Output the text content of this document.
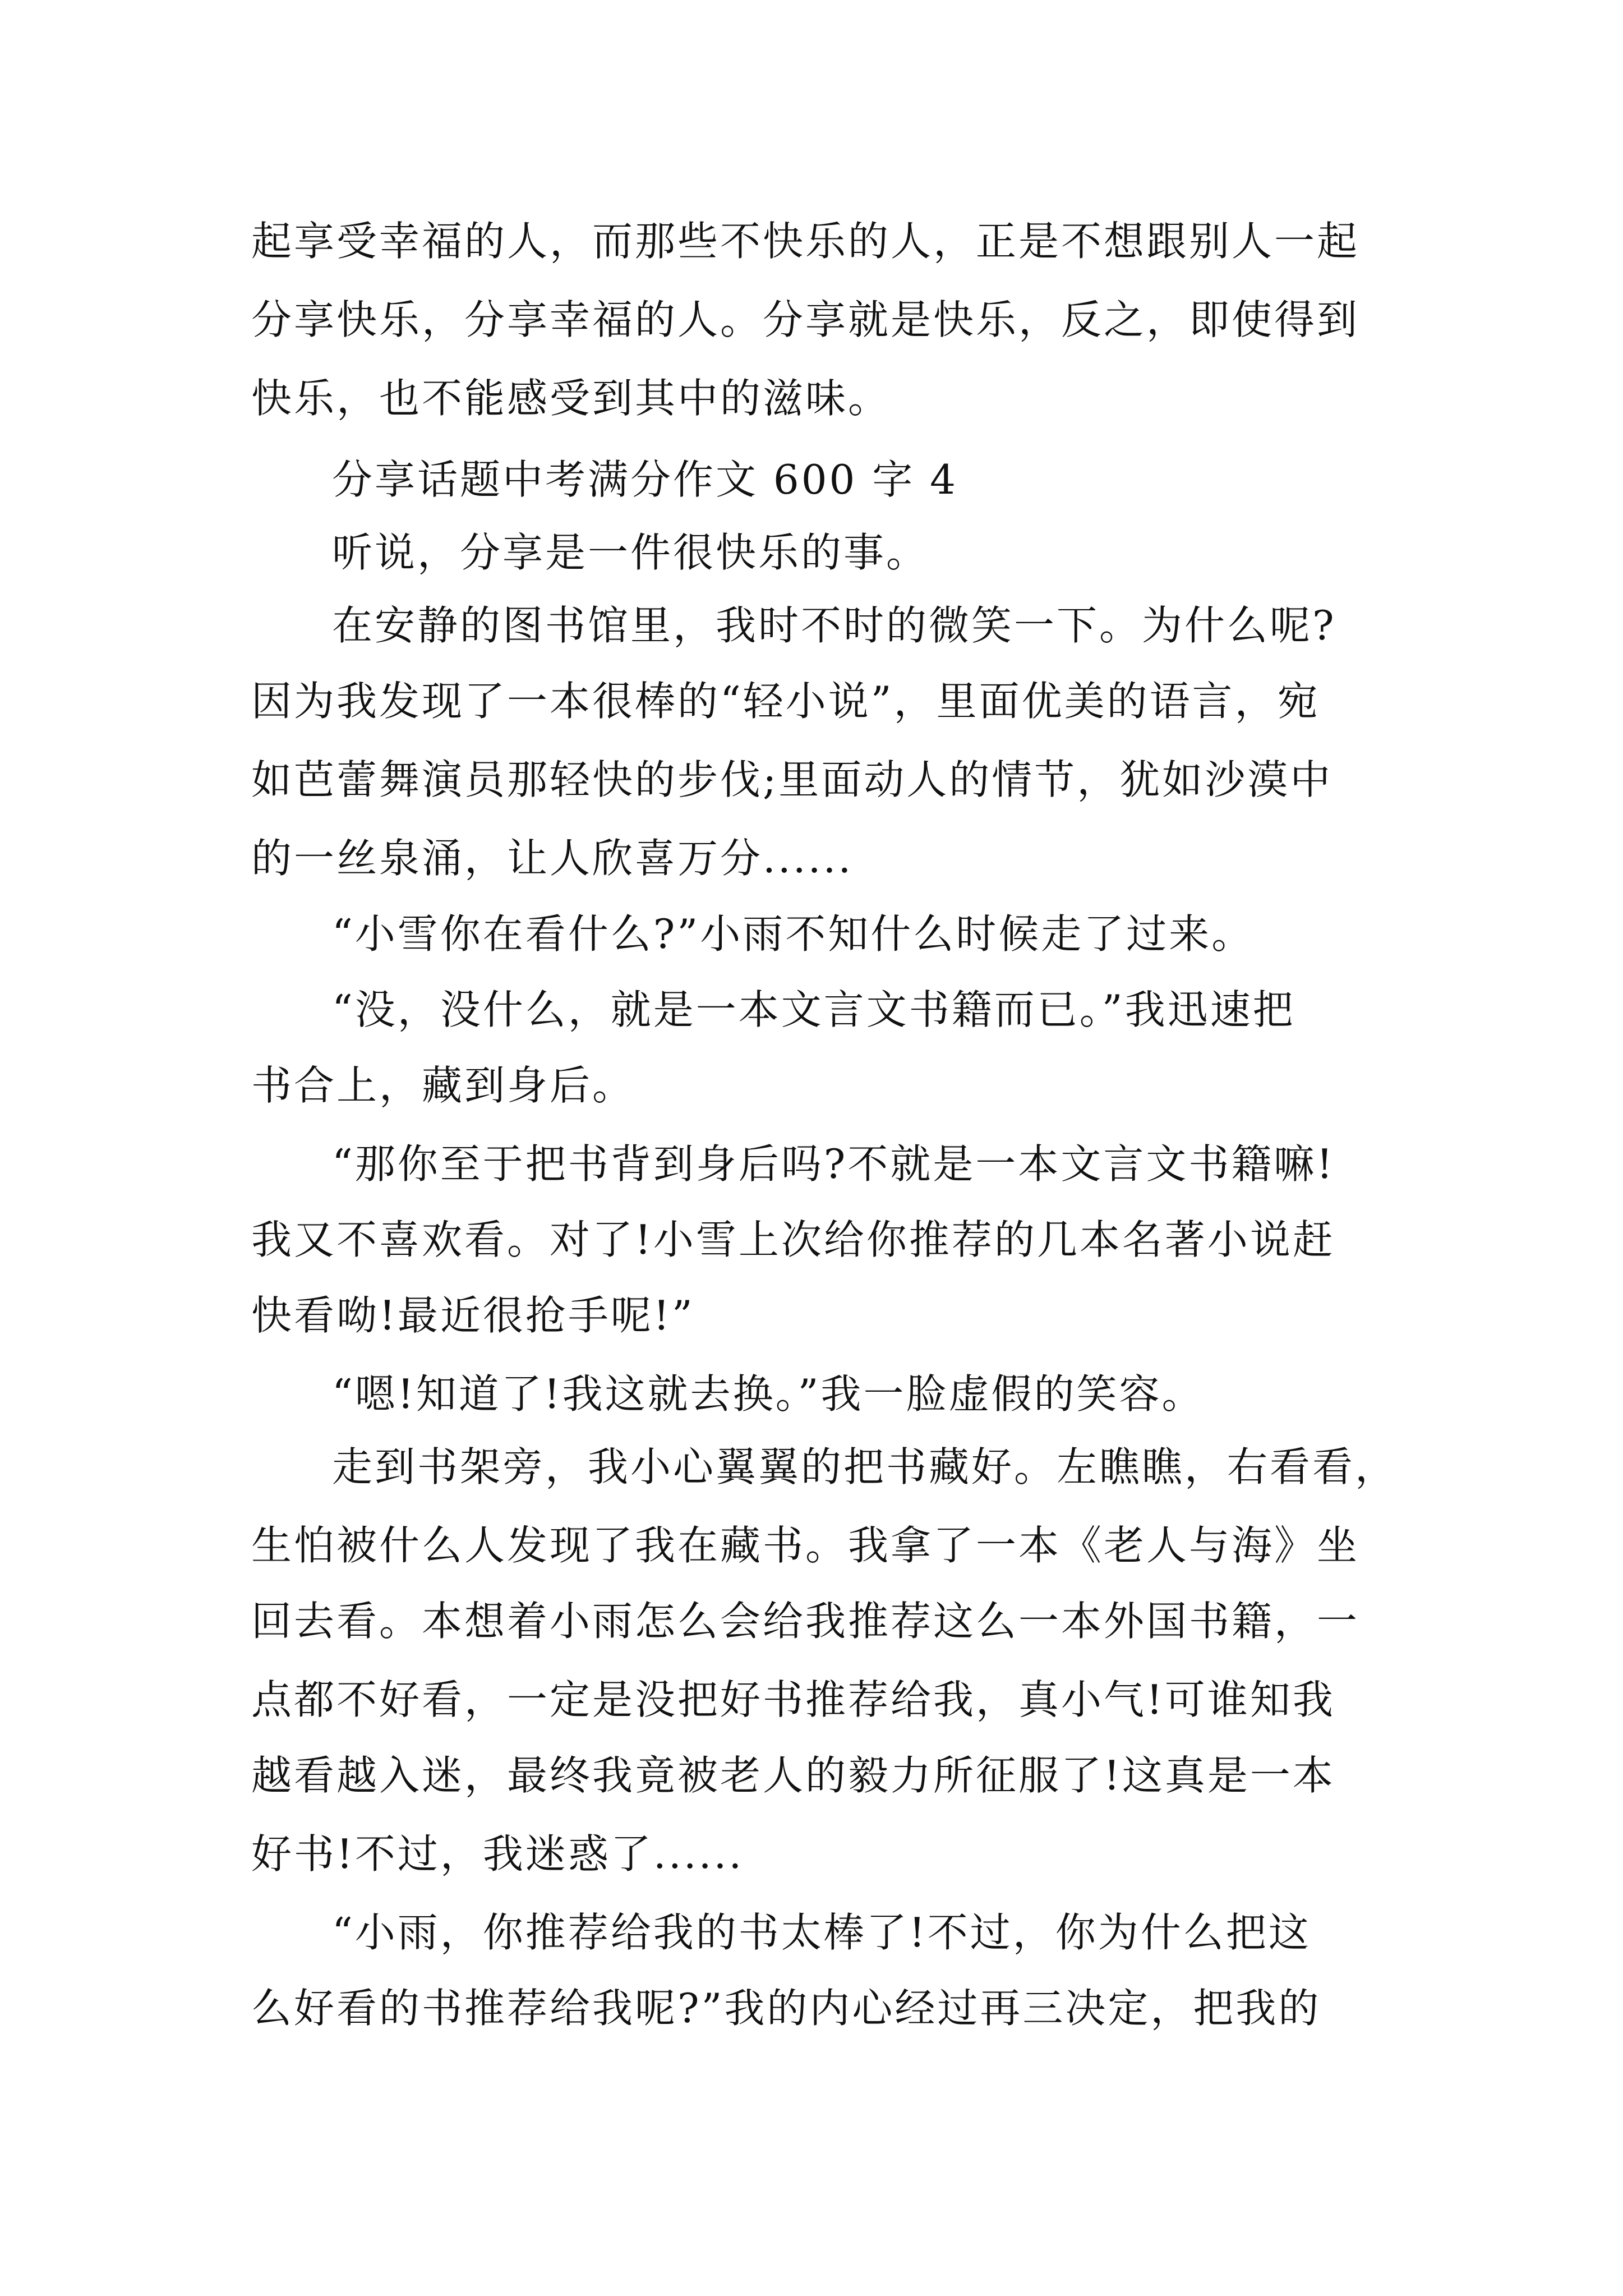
起享受幸福的人，而那些不快乐的人，正是不想跟别人一起
分享快乐，分享幸福的人。分享就是快乐，反之，即使得到
快乐，也不能感受到其中的滋味。
分享话题中考满分作文 600 字 4
听说，分享是一件很快乐的事。
在安静的图书馆里，我时不时的微笑一下。为什么呢?
因为我发现了一本很棒的“轻小说”，里面优美的语言，宛
如芭蕾舞演员那轻快的步伐;里面动人的情节，犹如沙漠中
的一丝泉涌，让人欣喜万分......
“小雪你在看什么?”小雨不知什么时候走了过来。
“没，没什么，就是一本文言文书籍而已。”我迅速把
书合上，藏到身后。
“那你至于把书背到身后吗?不就是一本文言文书籍嘛!
我又不喜欢看。对了!小雪上次给你推荐的几本名著小说赶
快看呦!最近很抢手呢!”
“嗯!知道了!我这就去换。”我一脸虚假的笑容。
走到书架旁，我小心翼翼的把书藏好。左瞧瞧，右看看，
生怕被什么人发现了我在藏书。我拿了一本《老人与海》坐
回去看。本想着小雨怎么会给我推荐这么一本外国书籍，一
点都不好看，一定是没把好书推荐给我，真小气!可谁知我
越看越入迷，最终我竟被老人的毅力所征服了!这真是一本
好书!不过，我迷惑了......
“小雨，你推荐给我的书太棒了!不过，你为什么把这
么好看的书推荐给我呢?”我的内心经过再三决定，把我的
